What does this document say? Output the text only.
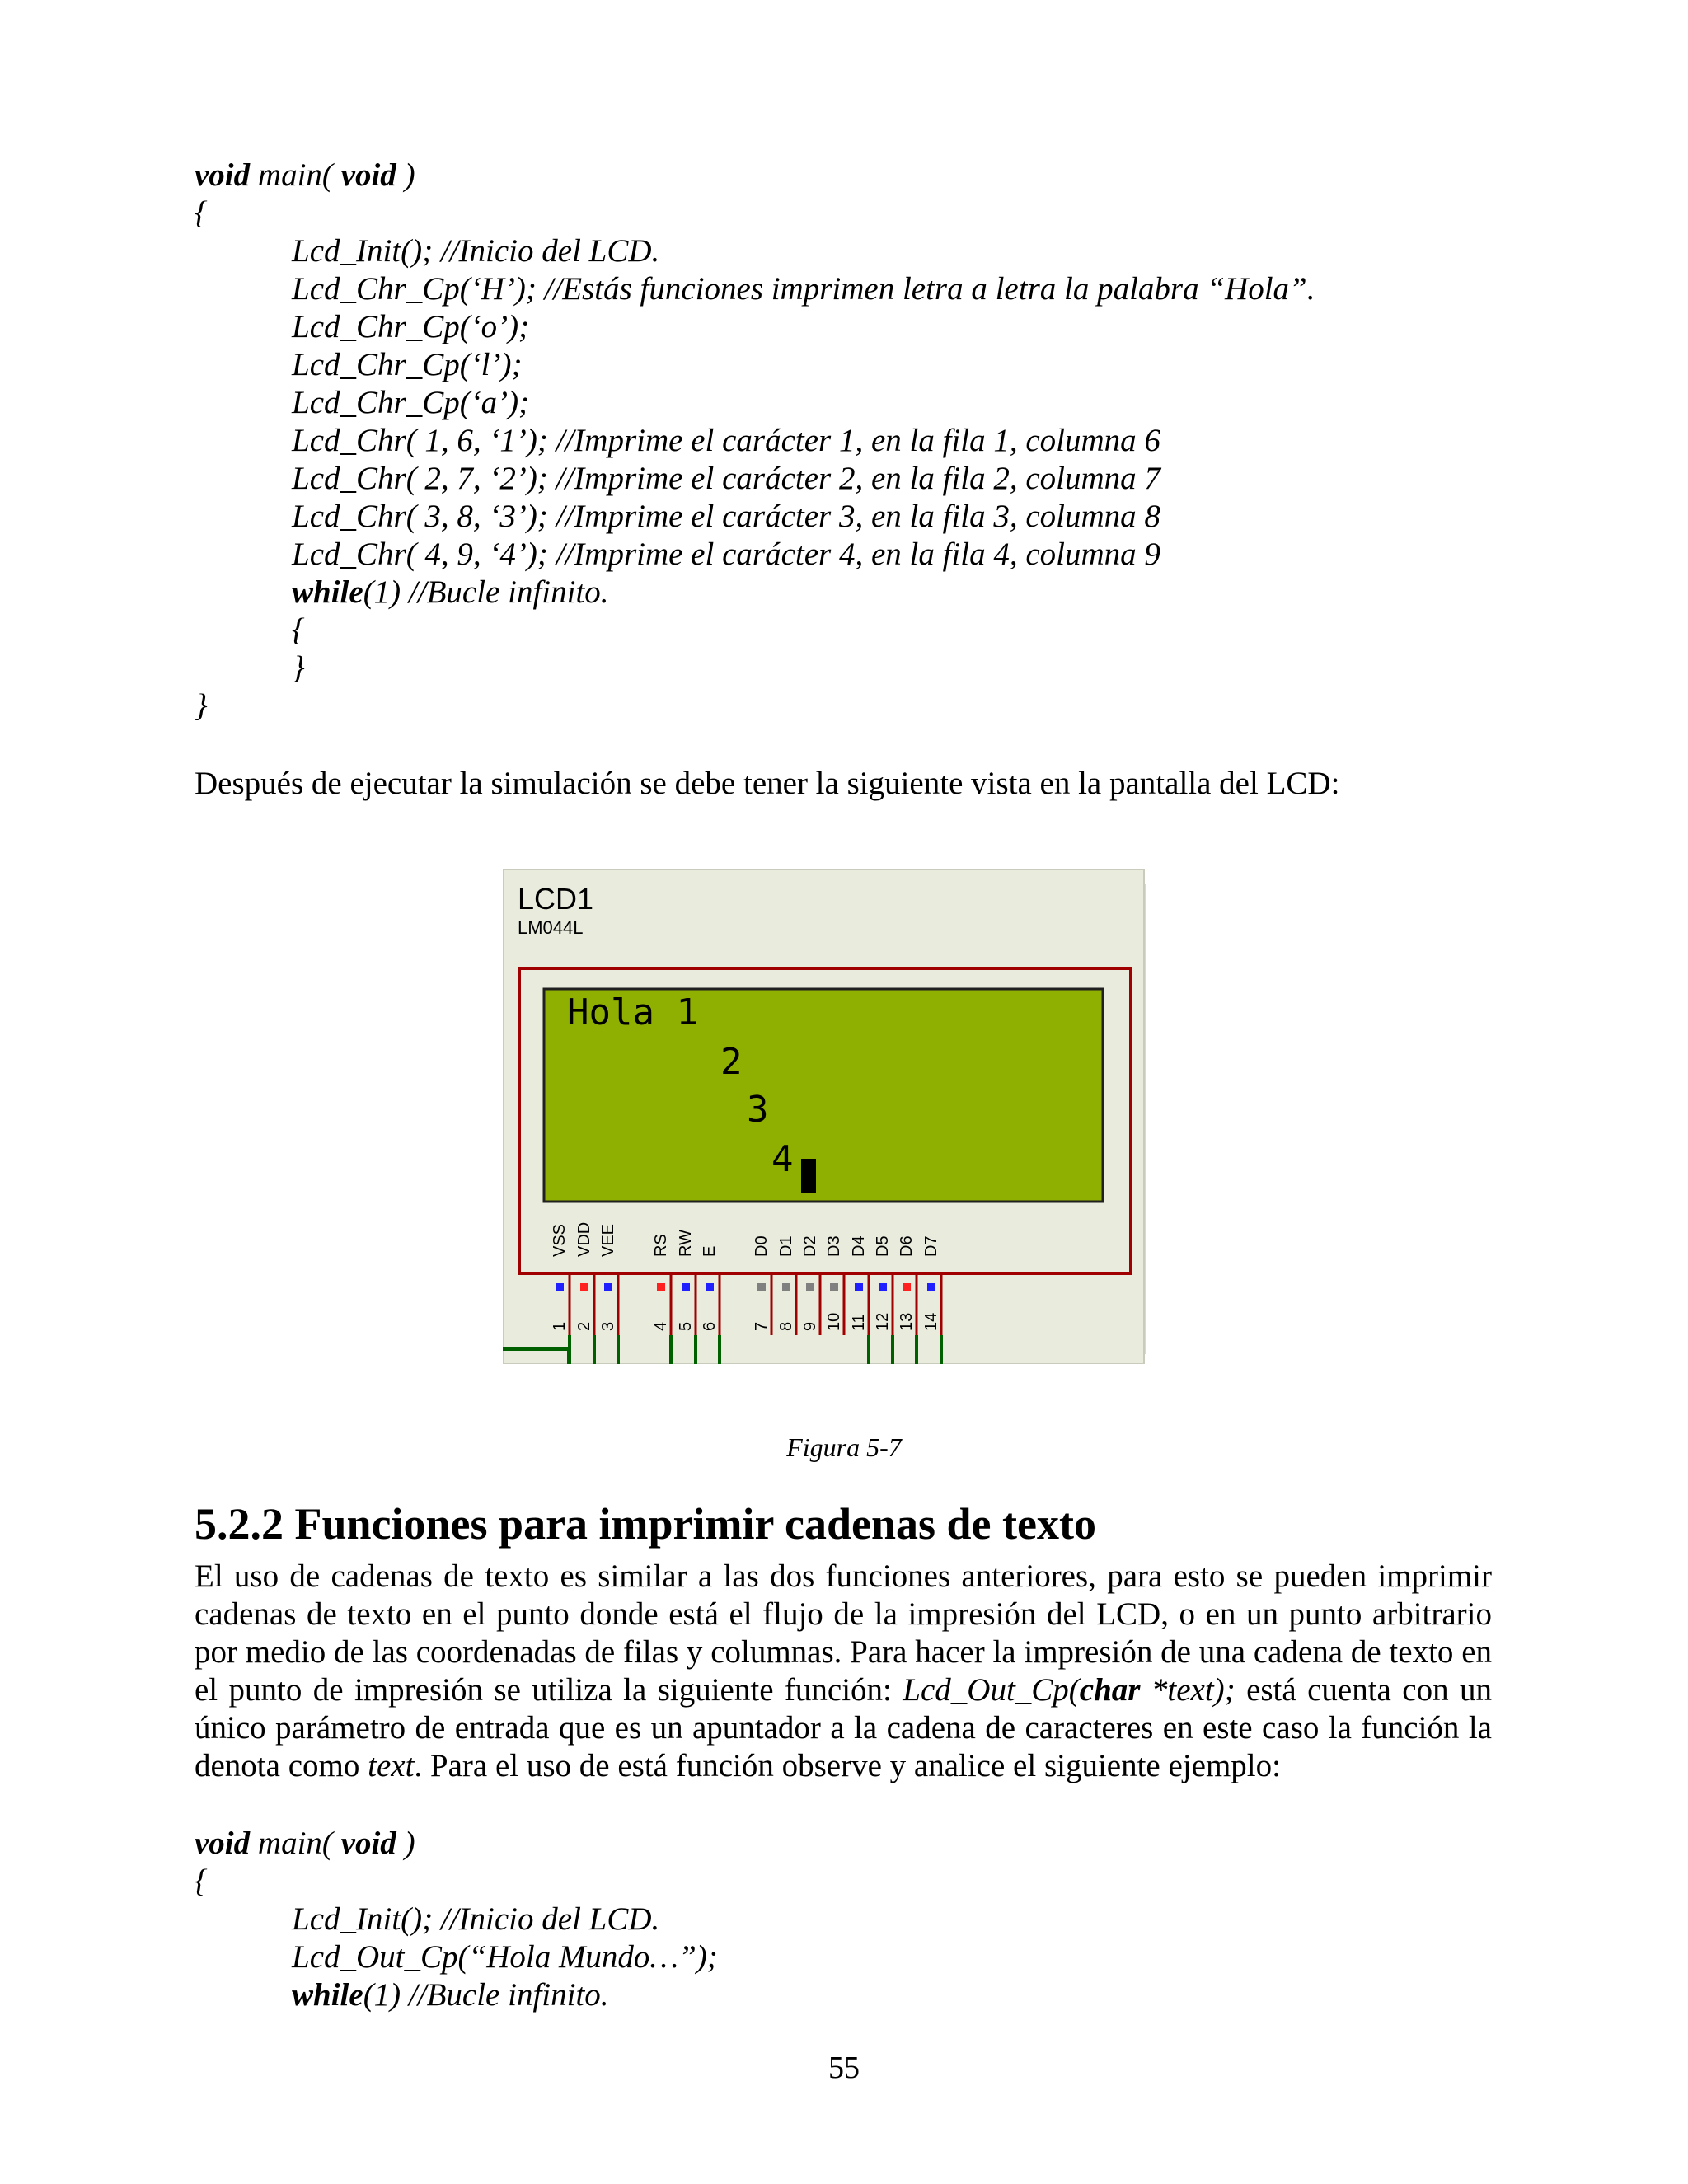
void main( void )
{
Lcd_Init(); //Inicio del LCD.
Lcd_Chr_Cp(‘H’); //Estás funciones imprimen letra a letra la palabra “Hola”.
Lcd_Chr_Cp(‘o’);
Lcd_Chr_Cp(‘l’);
Lcd_Chr_Cp(‘a’);
Lcd_Chr( 1, 6, ‘1’); //Imprime el carácter 1, en la fila 1, columna 6
Lcd_Chr( 2, 7, ‘2’); //Imprime el carácter 2, en la fila 2, columna 7
Lcd_Chr( 3, 8, ‘3’); //Imprime el carácter 3, en la fila 3, columna 8
Lcd_Chr( 4, 9, ‘4’); //Imprime el carácter 4, en la fila 4, columna 9
while(1) //Bucle infinito.
{
}
}
Después de ejecutar la simulación se debe tener la siguiente vista en la pantalla del LCD:
LCD1
LM044L
Hola 1
2
3
4
VSS
1
VDD
2
VEE
3
RS
4
RW
5
E
6
D0
7
D1
8
D2
9
D3
10
D4
11
D5
12
D6
13
D7
14
Figura 5-7
5.2.2 Funciones para imprimir cadenas de texto
El uso de cadenas de texto es similar a las dos funciones anteriores, para esto se pueden imprimir cadenas de texto en el punto donde está el flujo de la impresión del LCD, o en un punto arbitrario por medio de las coordenadas de filas y columnas. Para hacer la impresión de una cadena de texto en el punto de impresión se utiliza la siguiente función: Lcd_Out_Cp(char *text); está cuenta con un único parámetro de entrada que es un apuntador a la cadena de caracteres en este caso la función la denota como text. Para el uso de está función observe y analice el siguiente ejemplo:
void main( void )
{
Lcd_Init(); //Inicio del LCD.
Lcd_Out_Cp(“Hola Mundo…”);
while(1) //Bucle infinito.
55
